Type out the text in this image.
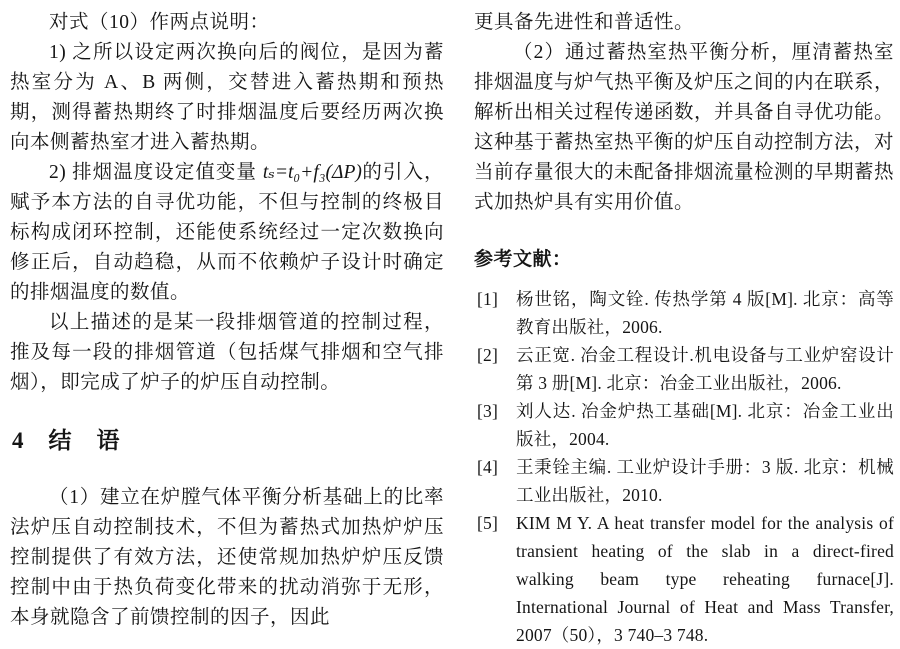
对式（10）作两点说明：

1) 之所以设定两次换向后的阀位，是因为蓄热室分为 A、B 两侧，交替进入蓄热期和预热期，测得蓄热期终了时排烟温度后要经历两次换向本侧蓄热室才进入蓄热期。

2) 排烟温度设定值变量 tₛ=t₀+f₃(ΔP)的引入，赋予本方法的自寻优功能，不但与控制的终极目标构成闭环控制，还能使系统经过一定次数换向修正后，自动趋稳，从而不依赖炉子设计时确定的排烟温度的数值。

以上描述的是某一段排烟管道的控制过程，推及每一段的排烟管道（包括煤气排烟和空气排烟），即完成了炉子的炉压自动控制。

4　结　语

（1）建立在炉膛气体平衡分析基础上的比率法炉压自动控制技术，不但为蓄热式加热炉炉压控制提供了有效方法，还使常规加热炉炉压反馈控制中由于热负荷变化带来的扰动消弥于无形，本身就隐含了前馈控制的因子，因此

更具备先进性和普适性。

（2）通过蓄热室热平衡分析，厘清蓄热室排烟温度与炉气热平衡及炉压之间的内在联系，解析出相关过程传递函数，并具备自寻优功能。这种基于蓄热室热平衡的炉压自动控制方法，对当前存量很大的未配备排烟流量检测的早期蓄热式加热炉具有实用价值。

参考文献：
[1] 杨世铭，陶文铨. 传热学第 4 版[M]. 北京：高等教育出版社，2006.
[2] 云正宽. 冶金工程设计.机电设备与工业炉窑设计第 3 册[M]. 北京：冶金工业出版社，2006.
[3] 刘人达. 冶金炉热工基础[M]. 北京：冶金工业出版社，2004.
[4] 王秉铨主编. 工业炉设计手册：3 版. 北京：机械工业出版社，2010.
[5] KIM M Y. A heat transfer model for the analysis of transient heating of the slab in a direct-fired walking beam type reheating furnace[J]. International Journal of Heat and Mass Transfer, 2007（50），3 740–3 748.
